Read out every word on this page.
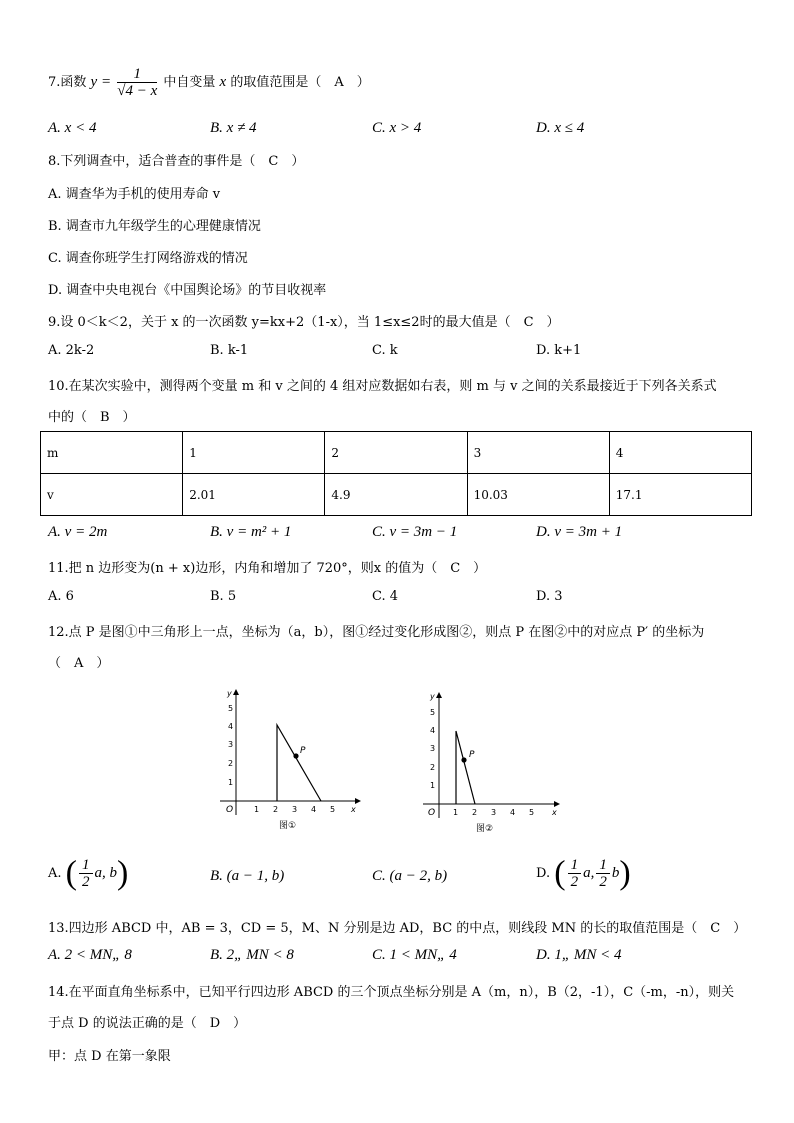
7.函数 $y = \frac{1}{√4 - x}$ 中自变量 x 的取值范围是（　A　）
A. x < 4	B. x ≠ 4	C. x > 4	D. x ≤ 4
8.下列调查中，适合普查的事件是（　C　）
A. 调查华为手机的使用寿命 v
B. 调查市九年级学生的心理健康情况
C. 调查你班学生打网络游戏的情况
D. 调查中央电视台《中国舆论场》的节目收视率
9.设 0＜k＜2，关于 x 的一次函数 y=kx+2（1-x），当 1≤x≤2时的最大值是（　C　）
A. 2k-2	B. k-1	C. k	D. k+1
10.在某次实验中，测得两个变量 m 和 v 之间的 4 组对应数据如右表，则 m 与 v 之间的关系最接近于下列各关系式
中的（　B　）
m	1	2	3	4
v	2.01	4.9	10.03	17.1
A. v = 2m	B. v = m² + 1	C. v = 3m − 1	D. v = 3m + 1
11.把 n 边形变为(n + x)边形，内角和增加了 720°，则x 的值为（　C　）
A. 6	B. 5	C. 4	D. 3
12.点 P 是图①中三角形上一点，坐标为（a，b），图①经过变化形成图②，则点 P 在图②中的对应点 P′ 的坐标为
（　A　）
y
x
O
1
2
3
4
5
1 2 3 4 5
P
图①
y
x
O
1
2
3
4
5
1 2 3 4 5
P
图②
A. ( $\frac{1}{2} a$, b)	B. (a − 1, b)	C. (a − 2, b)	D. ( $\frac{1}{2} a$, $\frac{1}{2} b$)
13.四边形 ABCD 中，AB = 3，CD = 5，M、N 分别是边 AD，BC 的中点，则线段 MN 的长的取值范围是（　C　）
A. 2 < MN„ 8	B. 2„ MN < 8	C. 1 < MN„ 4	D. 1„ MN < 4
14.在平面直角坐标系中，已知平行四边形 ABCD 的三个顶点坐标分别是 A（m，n），B（2，-1），C（-m，-n），则关
于点 D 的说法正确的是（　D　）
甲：点 D 在第一象限
